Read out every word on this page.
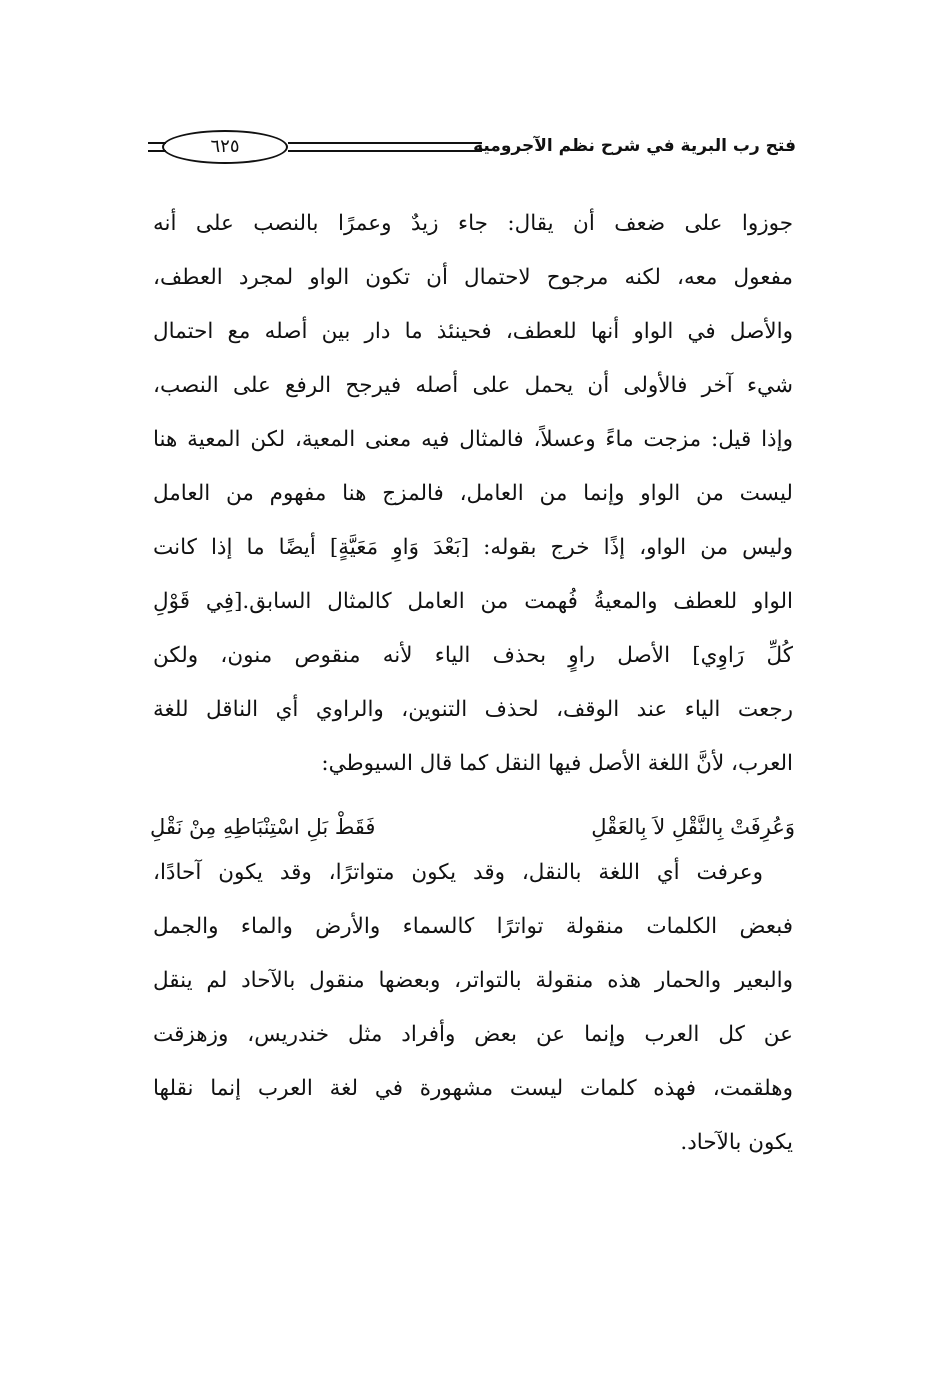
فتح رب البرية في شرح نظم الآجرومية
٦٢٥
جوزوا على ضعف أن يقال: جاء زيدٌ وعمرًا بالنصب على أنه
مفعول معه، لكنه مرجوح لاحتمال أن تكون الواو لمجرد العطف،
والأصل في الواو أنها للعطف، فحينئذ ما دار بين أصله مع احتمال
شيء آخر فالأولى أن يحمل على أصله فيرجح الرفع على النصب،
وإذا قيل: مزجت ماءً وعسلاً، فالمثال فيه معنى المعية، لكن المعية هنا
ليست من الواو وإنما من العامل، فالمزج هنا مفهوم من العامل
وليس من الواو، إذًا خرج بقوله: [بَعْدَ وَاوِ مَعَيَّةٍ] أيضًا ما إذا كانت
الواو للعطف والمعيةُ فُهمت من العامل كالمثال السابق.[فِي قَوْلِ
كُلِّ رَاوِي] الأصل راوٍ بحذف الياء لأنه منقوص منون، ولكن
رجعت الياء عند الوقف، لحذف التنوين، والراوي أي الناقل للغة
العرب، لأنَّ اللغة الأصل فيها النقل كما قال السيوطي:
وَعُرِفَتْ بِالنَّقْلِ لاَ بِالعَقْلِ
فَقَطْ بَلِ اسْتِنْبَاطِهِ مِنْ نَقْلِ
وعرفت أي اللغة بالنقل، وقد يكون متواترًا، وقد يكون آحادًا،
فبعض الكلمات منقولة تواترًا كالسماء والأرض والماء والجمل
والبعير والحمار هذه منقولة بالتواتر، وبعضها منقول بالآحاد لم ينقل
عن كل العرب وإنما عن بعض وأفراد مثل خندريس، وزهزقت
وهلقمت، فهذه كلمات ليست مشهورة في لغة العرب إنما نقلها
يكون بالآحاد.
